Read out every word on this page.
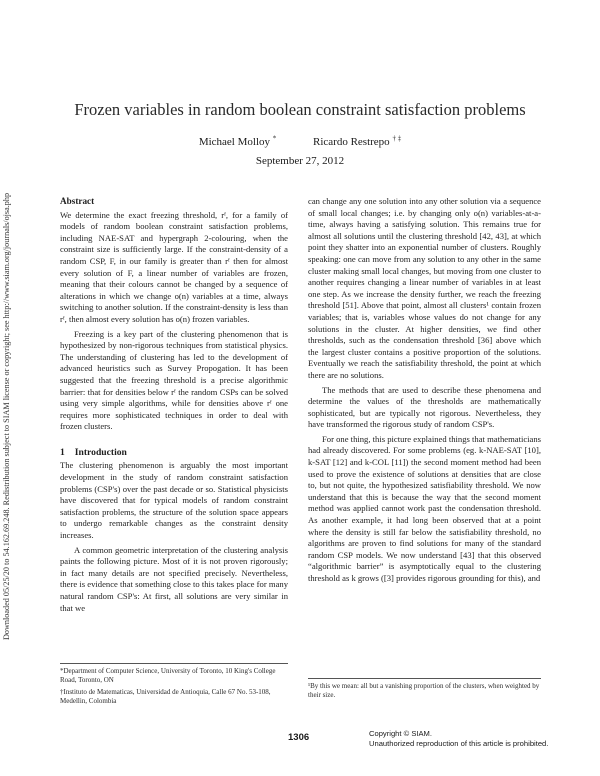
Downloaded 05/25/20 to 54.162.69.248. Redistribution subject to SIAM license or copyright; see http://www.siam.org/journals/ojsa.php
Frozen variables in random boolean constraint satisfaction problems
Michael Molloy *	Ricardo Restrepo † ‡
September 27, 2012
Abstract

We determine the exact freezing threshold, rᶠ, for a family of models of random boolean constraint satisfaction problems, including NAE-SAT and hypergraph 2-colouring, when the constraint size is sufficiently large. If the constraint-density of a random CSP, F, in our family is greater than rᶠ then for almost every solution of F, a linear number of variables are frozen, meaning that their colours cannot be changed by a sequence of alterations in which we change o(n) variables at a time, always switching to another solution. If the constraint-density is less than rᶠ, then almost every solution has o(n) frozen variables.

Freezing is a key part of the clustering phenomenon that is hypothesized by non-rigorous techniques from statistical physics. The understanding of clustering has led to the development of advanced heuristics such as Survey Propogation. It has been suggested that the freezing threshold is a precise algorithmic barrier: that for densities below rᶠ the random CSPs can be solved using very simple algorithms, while for densities above rᶠ one requires more sophisticated techniques in order to deal with frozen clusters.

1 Introduction

The clustering phenomenon is arguably the most important development in the study of random constraint satisfaction problems (CSP's) over the past decade or so. Statistical physicists have discovered that for typical models of random constraint satisfaction problems, the structure of the solution space appears to undergo remarkable changes as the constraint density increases.

A common geometric interpretation of the clustering analysis paints the following picture. Most of it is not proven rigorously; in fact many details are not specified precisely. Nevertheless, there is evidence that something close to this takes place for many natural random CSP's: At first, all solutions are very similar in that we

can change any one solution into any other solution via a sequence of small local changes; i.e. by changing only o(n) variables-at-a-time, always having a satisfying solution. This remains true for almost all solutions until the clustering threshold [42, 43], at which point they shatter into an exponential number of clusters. Roughly speaking: one can move from any solution to any other in the same cluster making small local changes, but moving from one cluster to another requires changing a linear number of variables in at least one step. As we increase the density further, we reach the freezing threshold [51]. Above that point, almost all clusters¹ contain frozen variables; that is, variables whose values do not change for any solutions in the cluster. At higher densities, we find other thresholds, such as the condensation threshold [36] above which the largest cluster contains a positive proportion of the solutions. Eventually we reach the satisfiability threshold, the point at which there are no solutions.

The methods that are used to describe these phenomena and determine the values of the thresholds are mathematically sophisticated, but are typically not rigorous. Nevertheless, they have transformed the rigorous study of random CSP's.

For one thing, this picture explained things that mathematicians had already discovered. For some problems (eg. k-NAE-SAT [10], k-SAT [12] and k-COL [11]) the second moment method had been used to prove the existence of solutions at densities that are close to, but not quite, the hypothesized satisfiability threshold. We now understand that this is because the way that the second moment method was applied cannot work past the condensation threshold. As another example, it had long been observed that at a point where the density is still far below the satisfiability threshold, no algorithms are proven to find solutions for many of the standard random CSP models. We now understand [43] that this observed “algorithmic barrier” is asymptotically equal to the clustering threshold as k grows ([3] provides rigorous grounding for this), and

*Department of Computer Science, University of Toronto, 10 King's College Road, Toronto, ON
†Instituto de Matematicas, Universidad de Antioquia, Calle 67 No. 53-108, Medellin, Colombia
¹By this we mean: all but a vanishing proportion of the clusters, when weighted by their size.
1306	Copyright © SIAM.
Unauthorized reproduction of this article is prohibited.
